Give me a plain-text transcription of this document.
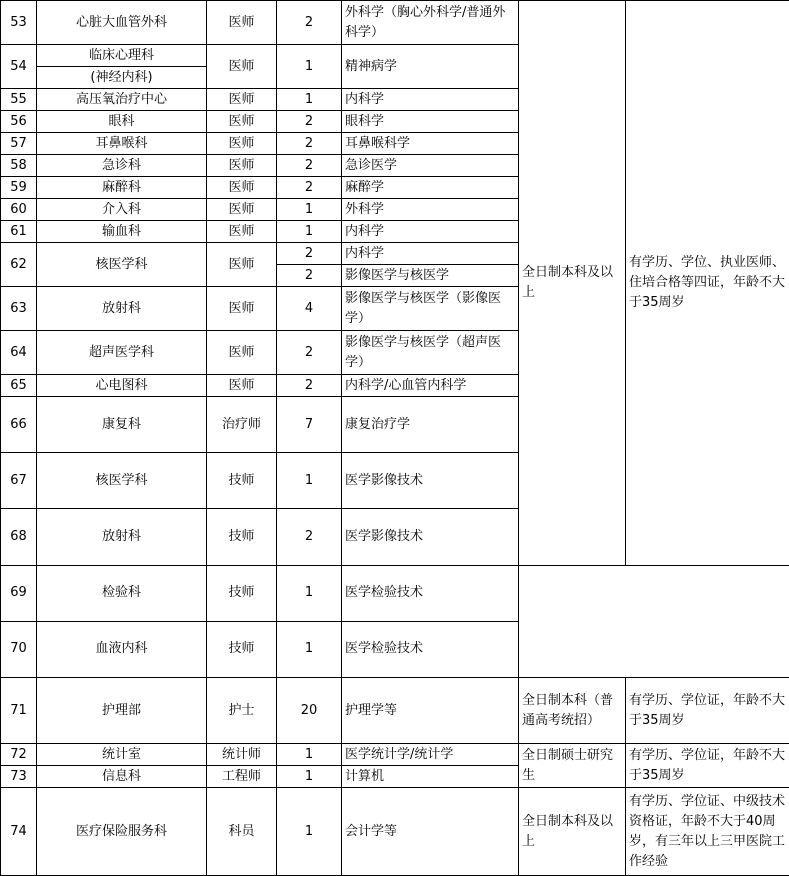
53	心脏大血管外科	医师	2	外科学（胸心外科学/普通外科学）	全日制本科及以上	有学历、学位、执业医师、住培合格等四证，年龄不大于35周岁	
54	临床心理科	医师	1	精神病学			
	(神经内科)						
55	高压氧治疗中心	医师	1	内科学			
56	眼科	医师	2	眼科学			
57	耳鼻喉科	医师	2	耳鼻喉科学			
58	急诊科	医师	2	急诊医学			
59	麻醉科	医师	2	麻醉学			
60	介入科	医师	1	外科学			
61	输血科	医师	1	内科学			
62	核医学科	医师	2	内科学			
			2	影像医学与核医学			
63	放射科	医师	4	影像医学与核医学（影像医学）			
64	超声医学科	医师	2	影像医学与核医学（超声医学）			
65	心电图科	医师	2	内科学/心血管内科学			
66	康复科	治疗师	7	康复治疗学		
67	核医学科	技师	1	医学影像技术			
68	放射科	技师	2	医学影像技术			
69	检验科	技师	1	医学检验技术			
70	血液内科	技师	1	医学检验技术			
71	护理部	护士	20	护理学等	全日制本科（普通高考统招）	有学历、学位证，年龄不大于35周岁	
72	统计室	统计师	1	医学统计学/统计学	全日制硕士研究生	有学历、学位证，年龄不大于35周岁	
73	信息科	工程师	1	计算机			
74	医疗保险服务科	科员	1	会计学等	全日制本科及以上	有学历、学位证、中级技术资格证，年龄不大于40周岁，有三年以上三甲医院工作经验	
